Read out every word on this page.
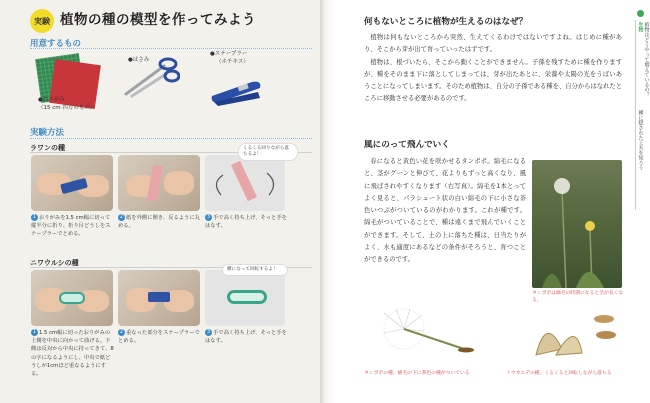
実験 植物の種の模型を作ってみよう
用意するもの
●おりがみ
（15 cm 四方のもの）
●はさみ
●ステープラー
（ホチキス）
実験方法
ラワンの種	くるくる回りながら落ちるよ！
1 おりがみを1.5 cm幅に切って縦半分に折り、折り目どうしをステープラーでとめる。
2 紙を外側に開き、反るように丸める。
3 手で高く持ち上げ、そっと手をはなす。
ニワウルシの種
横になって回転するよ！
1 1.5 cm幅に切ったおりがみの上側を中央に向かって曲げる。下側は反対から中央に持ってきて、8の字になるようにし、中央で紙どうしが1cmほど重なるようにする。
2 重なった部分をステープラーでとめる。
3 手で高く持ち上げ、そっと手をはなす。
何もないところに植物が生えるのはなぜ？

植物は何もないところから突然、生えてくるわけではないですよね。はじめに種があり、そこから芽が出て育っていったはずです。

植物は、根づいたら、そこから動くことができません。子孫を残すために種を作りますが、種をそのまま下に落としてしまっては、芽が出たあとに、栄養や太陽の光をうばいあうことになってしまいます。そのため植物は、自分の子孫である種を、自分からはなれたところに移動させる必要があるのです。

風にのって飛んでいく

春になると黄色い花を咲かせるタンポポ。綿毛になると、茎がグーンと伸びて、花よりもずっと高くなり、風に飛ばされやすくなります（右写真）。綿毛を1本とってよく見ると、パラシュート状の白い綿毛の下に小さな茶色いつぶがついているのがわかります。これが種です。綿毛がついていることで、種は遠くまで飛んでいくことができます。そして、土の上に落ちた種は、日当たりがよく、水も適度にあるなどの条件がそろうと、育つことができるのです。

タンポポは綿毛の時期になると茎が長くなる。
タンポポの種。綿毛の下に茶色の種がついている	トウカエデの種。くるくると回転しながら落ちる
生物 植物はどうやって増えているの？
種に隠された工夫を知ろう
